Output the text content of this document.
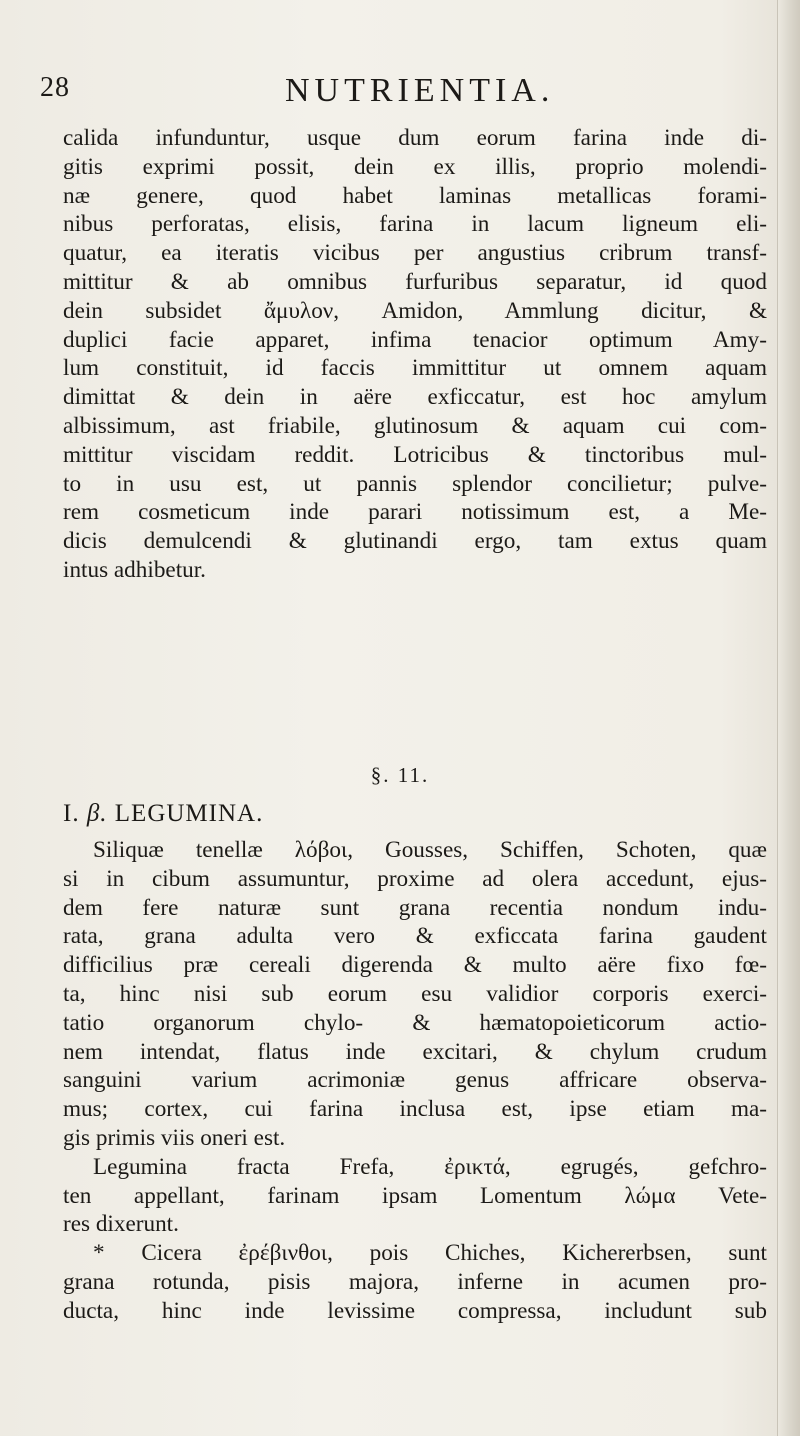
28	NUTRIENTIA.
calida infunduntur, usque dum eorum farina inde di-
gitis exprimi possit, dein ex illis, proprio molendi-
næ genere, quod habet laminas metallicas forami-
nibus perforatas, elisis, farina in lacum ligneum eli-
quatur, ea iteratis vicibus per angustius cribrum transf-
mittitur & ab omnibus furfuribus separatur, id quod
dein subsidet ἄμυλον, Amidon, Ammlung dicitur, &
duplici facie apparet, infima tenacior optimum Amy-
lum constituit, id faccis immittitur ut omnem aquam
dimittat & dein in aëre exficcatur, est hoc amylum
albissimum, ast friabile, glutinosum & aquam cui com-
mittitur viscidam reddit. Lotricibus & tinctoribus mul-
to in usu est, ut pannis splendor concilietur; pulve-
rem cosmeticum inde parari notissimum est, a Me-
dicis demulcendi & glutinandi ergo, tam extus quam
intus adhibetur.
§. 11.
I. β. LEGUMINA.
Siliquæ tenellæ λόβοι, Gousses, Schiffen, Schoten, quæ
si in cibum assumuntur, proxime ad olera accedunt, ejus-
dem fere naturæ sunt grana recentia nondum indu-
rata, grana adulta vero & exficcata farina gaudent
difficilius præ cereali digerenda & multo aëre fixo fœ-
ta, hinc nisi sub eorum esu validior corporis exerci-
tatio organorum chylo- & hæmatopoieticorum actio-
nem intendat, flatus inde excitari, & chylum crudum
sanguini varium acrimoniæ genus affricare observa-
mus; cortex, cui farina inclusa est, ipse etiam ma-
gis primis viis oneri est.
Legumina fracta Frefa, ἐρικτά, egrugés, gefchro-
ten appellant, farinam ipsam Lomentum λώμα Vete-
res dixerunt.
* Cicera ἐρέβινθοι, pois Chiches, Kichererbsen, sunt
grana rotunda, pisis majora, inferne in acumen pro-
ducta, hinc inde levissime compressa, includunt sub
